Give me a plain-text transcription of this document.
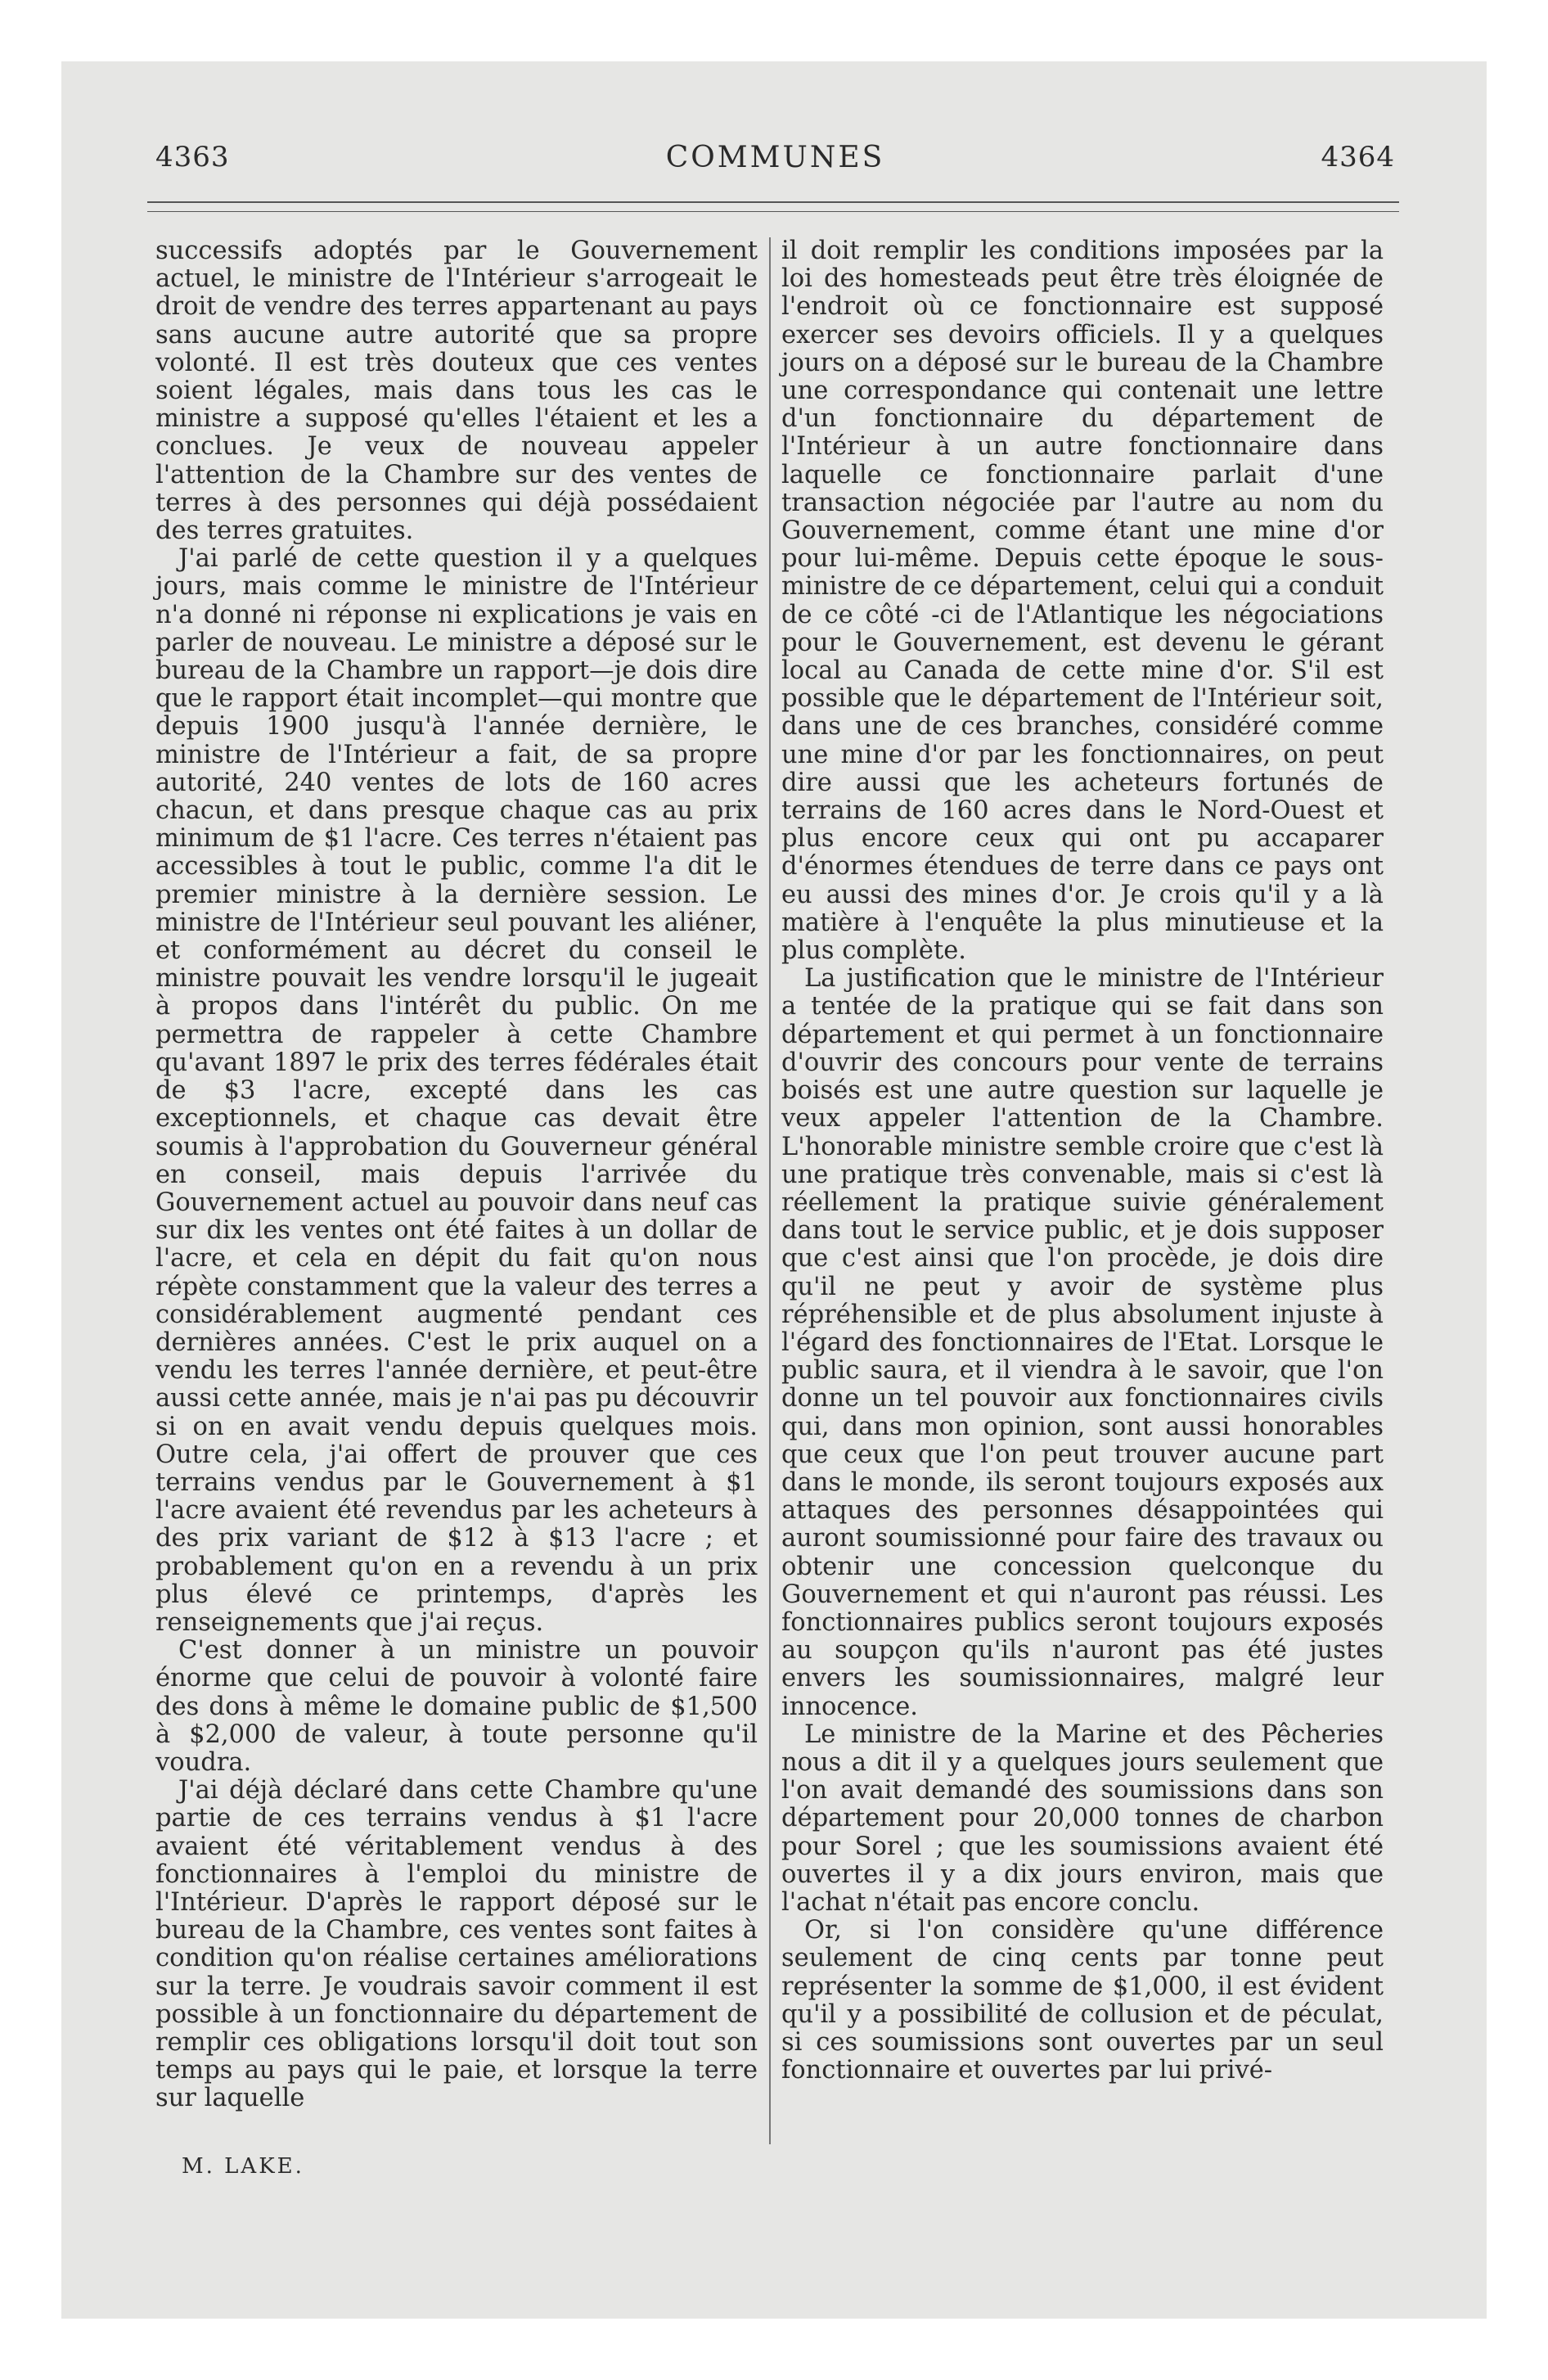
4363	COMMUNES	4364

successifs adoptés par le Gouvernement actuel, le ministre de l'Intérieur s'arrogeait le droit de vendre des terres appartenant au pays sans aucune autre autorité que sa propre volonté. Il est très douteux que ces ventes soient légales, mais dans tous les cas le ministre a supposé qu'elles l'étaient et les a conclues. Je veux de nouveau appeler l'attention de la Chambre sur des ventes de terres à des personnes qui déjà possédaient des terres gratuites.

J'ai parlé de cette question il y a quelques jours, mais comme le ministre de l'Intérieur n'a donné ni réponse ni explications je vais en parler de nouveau. Le ministre a déposé sur le bureau de la Chambre un rapport—je dois dire que le rapport était incomplet—qui montre que depuis 1900 jusqu'à l'année dernière, le ministre de l'Intérieur a fait, de sa propre autorité, 240 ventes de lots de 160 acres chacun, et dans presque chaque cas au prix minimum de $1 l'acre. Ces terres n'étaient pas accessibles à tout le public, comme l'a dit le premier ministre à la dernière session. Le ministre de l'Intérieur seul pouvant les aliéner, et conformément au décret du conseil le ministre pouvait les vendre lorsqu'il le jugeait à propos dans l'intérêt du public. On me permettra de rappeler à cette Chambre qu'avant 1897 le prix des terres fédérales était de $3 l'acre, excepté dans les cas exceptionnels, et chaque cas devait être soumis à l'approbation du Gouverneur général en conseil, mais depuis l'arrivée du Gouvernement actuel au pouvoir dans neuf cas sur dix les ventes ont été faites à un dollar de l'acre, et cela en dépit du fait qu'on nous répète constamment que la valeur des terres a considérablement augmenté pendant ces dernières années. C'est le prix auquel on a vendu les terres l'année dernière, et peut-être aussi cette année, mais je n'ai pas pu découvrir si on en avait vendu depuis quelques mois. Outre cela, j'ai offert de prouver que ces terrains vendus par le Gouvernement à $1 l'acre avaient été revendus par les acheteurs à des prix variant de $12 à $13 l'acre ; et probablement qu'on en a revendu à un prix plus élevé ce printemps, d'après les renseignements que j'ai reçus.

C'est donner à un ministre un pouvoir énorme que celui de pouvoir à volonté faire des dons à même le domaine public de $1,500 à $2,000 de valeur, à toute personne qu'il voudra.

J'ai déjà déclaré dans cette Chambre qu'une partie de ces terrains vendus à $1 l'acre avaient été véritablement vendus à des fonctionnaires à l'emploi du ministre de l'Intérieur. D'après le rapport déposé sur le bureau de la Chambre, ces ventes sont faites à condition qu'on réalise certaines améliorations sur la terre. Je voudrais savoir comment il est possible à un fonctionnaire du département de remplir ces obligations lorsqu'il doit tout son temps au pays qui le paie, et lorsque la terre sur laquelle

il doit remplir les conditions imposées par la loi des homesteads peut être très éloignée de l'endroit où ce fonctionnaire est supposé exercer ses devoirs officiels. Il y a quelques jours on a déposé sur le bureau de la Chambre une correspondance qui contenait une lettre d'un fonctionnaire du département de l'Intérieur à un autre fonctionnaire dans laquelle ce fonctionnaire parlait d'une transaction négociée par l'autre au nom du Gouvernement, comme étant une mine d'or pour lui-même. Depuis cette époque le sous-ministre de ce département, celui qui a conduit de ce côté -ci de l'Atlantique les négociations pour le Gouvernement, est devenu le gérant local au Canada de cette mine d'or. S'il est possible que le département de l'Intérieur soit, dans une de ces branches, considéré comme une mine d'or par les fonctionnaires, on peut dire aussi que les acheteurs fortunés de terrains de 160 acres dans le Nord-Ouest et plus encore ceux qui ont pu accaparer d'énormes étendues de terre dans ce pays ont eu aussi des mines d'or. Je crois qu'il y a là matière à l'enquête la plus minutieuse et la plus complète.

La justification que le ministre de l'Intérieur a tentée de la pratique qui se fait dans son département et qui permet à un fonctionnaire d'ouvrir des concours pour vente de terrains boisés est une autre question sur laquelle je veux appeler l'attention de la Chambre. L'honorable ministre semble croire que c'est là une pratique très convenable, mais si c'est là réellement la pratique suivie généralement dans tout le service public, et je dois supposer que c'est ainsi que l'on procède, je dois dire qu'il ne peut y avoir de système plus répréhensible et de plus absolument injuste à l'égard des fonctionnaires de l'Etat. Lorsque le public saura, et il viendra à le savoir, que l'on donne un tel pouvoir aux fonctionnaires civils qui, dans mon opinion, sont aussi honorables que ceux que l'on peut trouver aucune part dans le monde, ils seront toujours exposés aux attaques des personnes désappointées qui auront soumissionné pour faire des travaux ou obtenir une concession quelconque du Gouvernement et qui n'auront pas réussi. Les fonctionnaires publics seront toujours exposés au soupçon qu'ils n'auront pas été justes envers les soumissionnaires, malgré leur innocence.

Le ministre de la Marine et des Pêcheries nous a dit il y a quelques jours seulement que l'on avait demandé des soumissions dans son département pour 20,000 tonnes de charbon pour Sorel ; que les soumissions avaient été ouvertes il y a dix jours environ, mais que l'achat n'était pas encore conclu.

Or, si l'on considère qu'une différence seulement de cinq cents par tonne peut représenter la somme de $1,000, il est évident qu'il y a possibilité de collusion et de péculat, si ces soumissions sont ouvertes par un seul fonctionnaire et ouvertes par lui privé-

M. LAKE.
